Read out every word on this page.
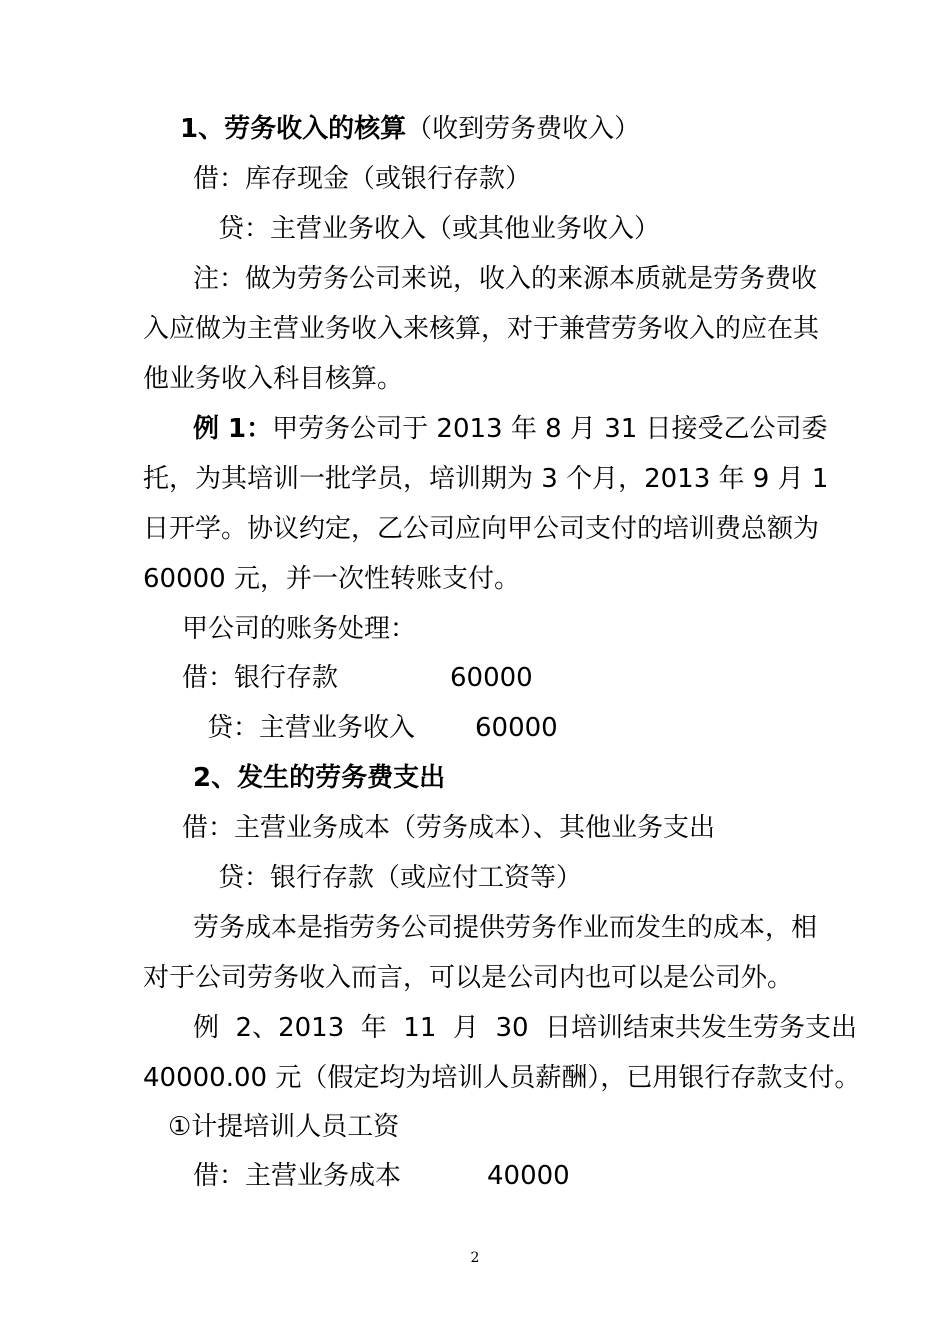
1、劳务收入的核算（收到劳务费收入）
借：库存现金（或银行存款）
贷：主营业务收入（或其他业务收入）
注：做为劳务公司来说，收入的来源本质就是劳务费收
入应做为主营业务收入来核算，对于兼营劳务收入的应在其
他业务收入科目核算。
例 1：甲劳务公司于 2013 年 8 月 31 日接受乙公司委
托，为其培训一批学员，培训期为 3 个月，2013 年 9 月 1
日开学。协议约定，乙公司应向甲公司支付的培训费总额为
60000 元，并一次性转账支付。
甲公司的账务处理：
借：银行存款	60000
贷：主营业务收入 60000
2、发生的劳务费支出
借：主营业务成本（劳务成本）、其他业务支出
贷：银行存款（或应付工资等）
劳务成本是指劳务公司提供劳务作业而发生的成本，相
对于公司劳务收入而言，可以是公司内也可以是公司外。
例  2、2013  年  11  月  30  日培训结束共发生劳务支出
40000.00 元（假定均为培训人员薪酬），已用银行存款支付。
①计提培训人员工资
借：主营业务成本	40000
2
